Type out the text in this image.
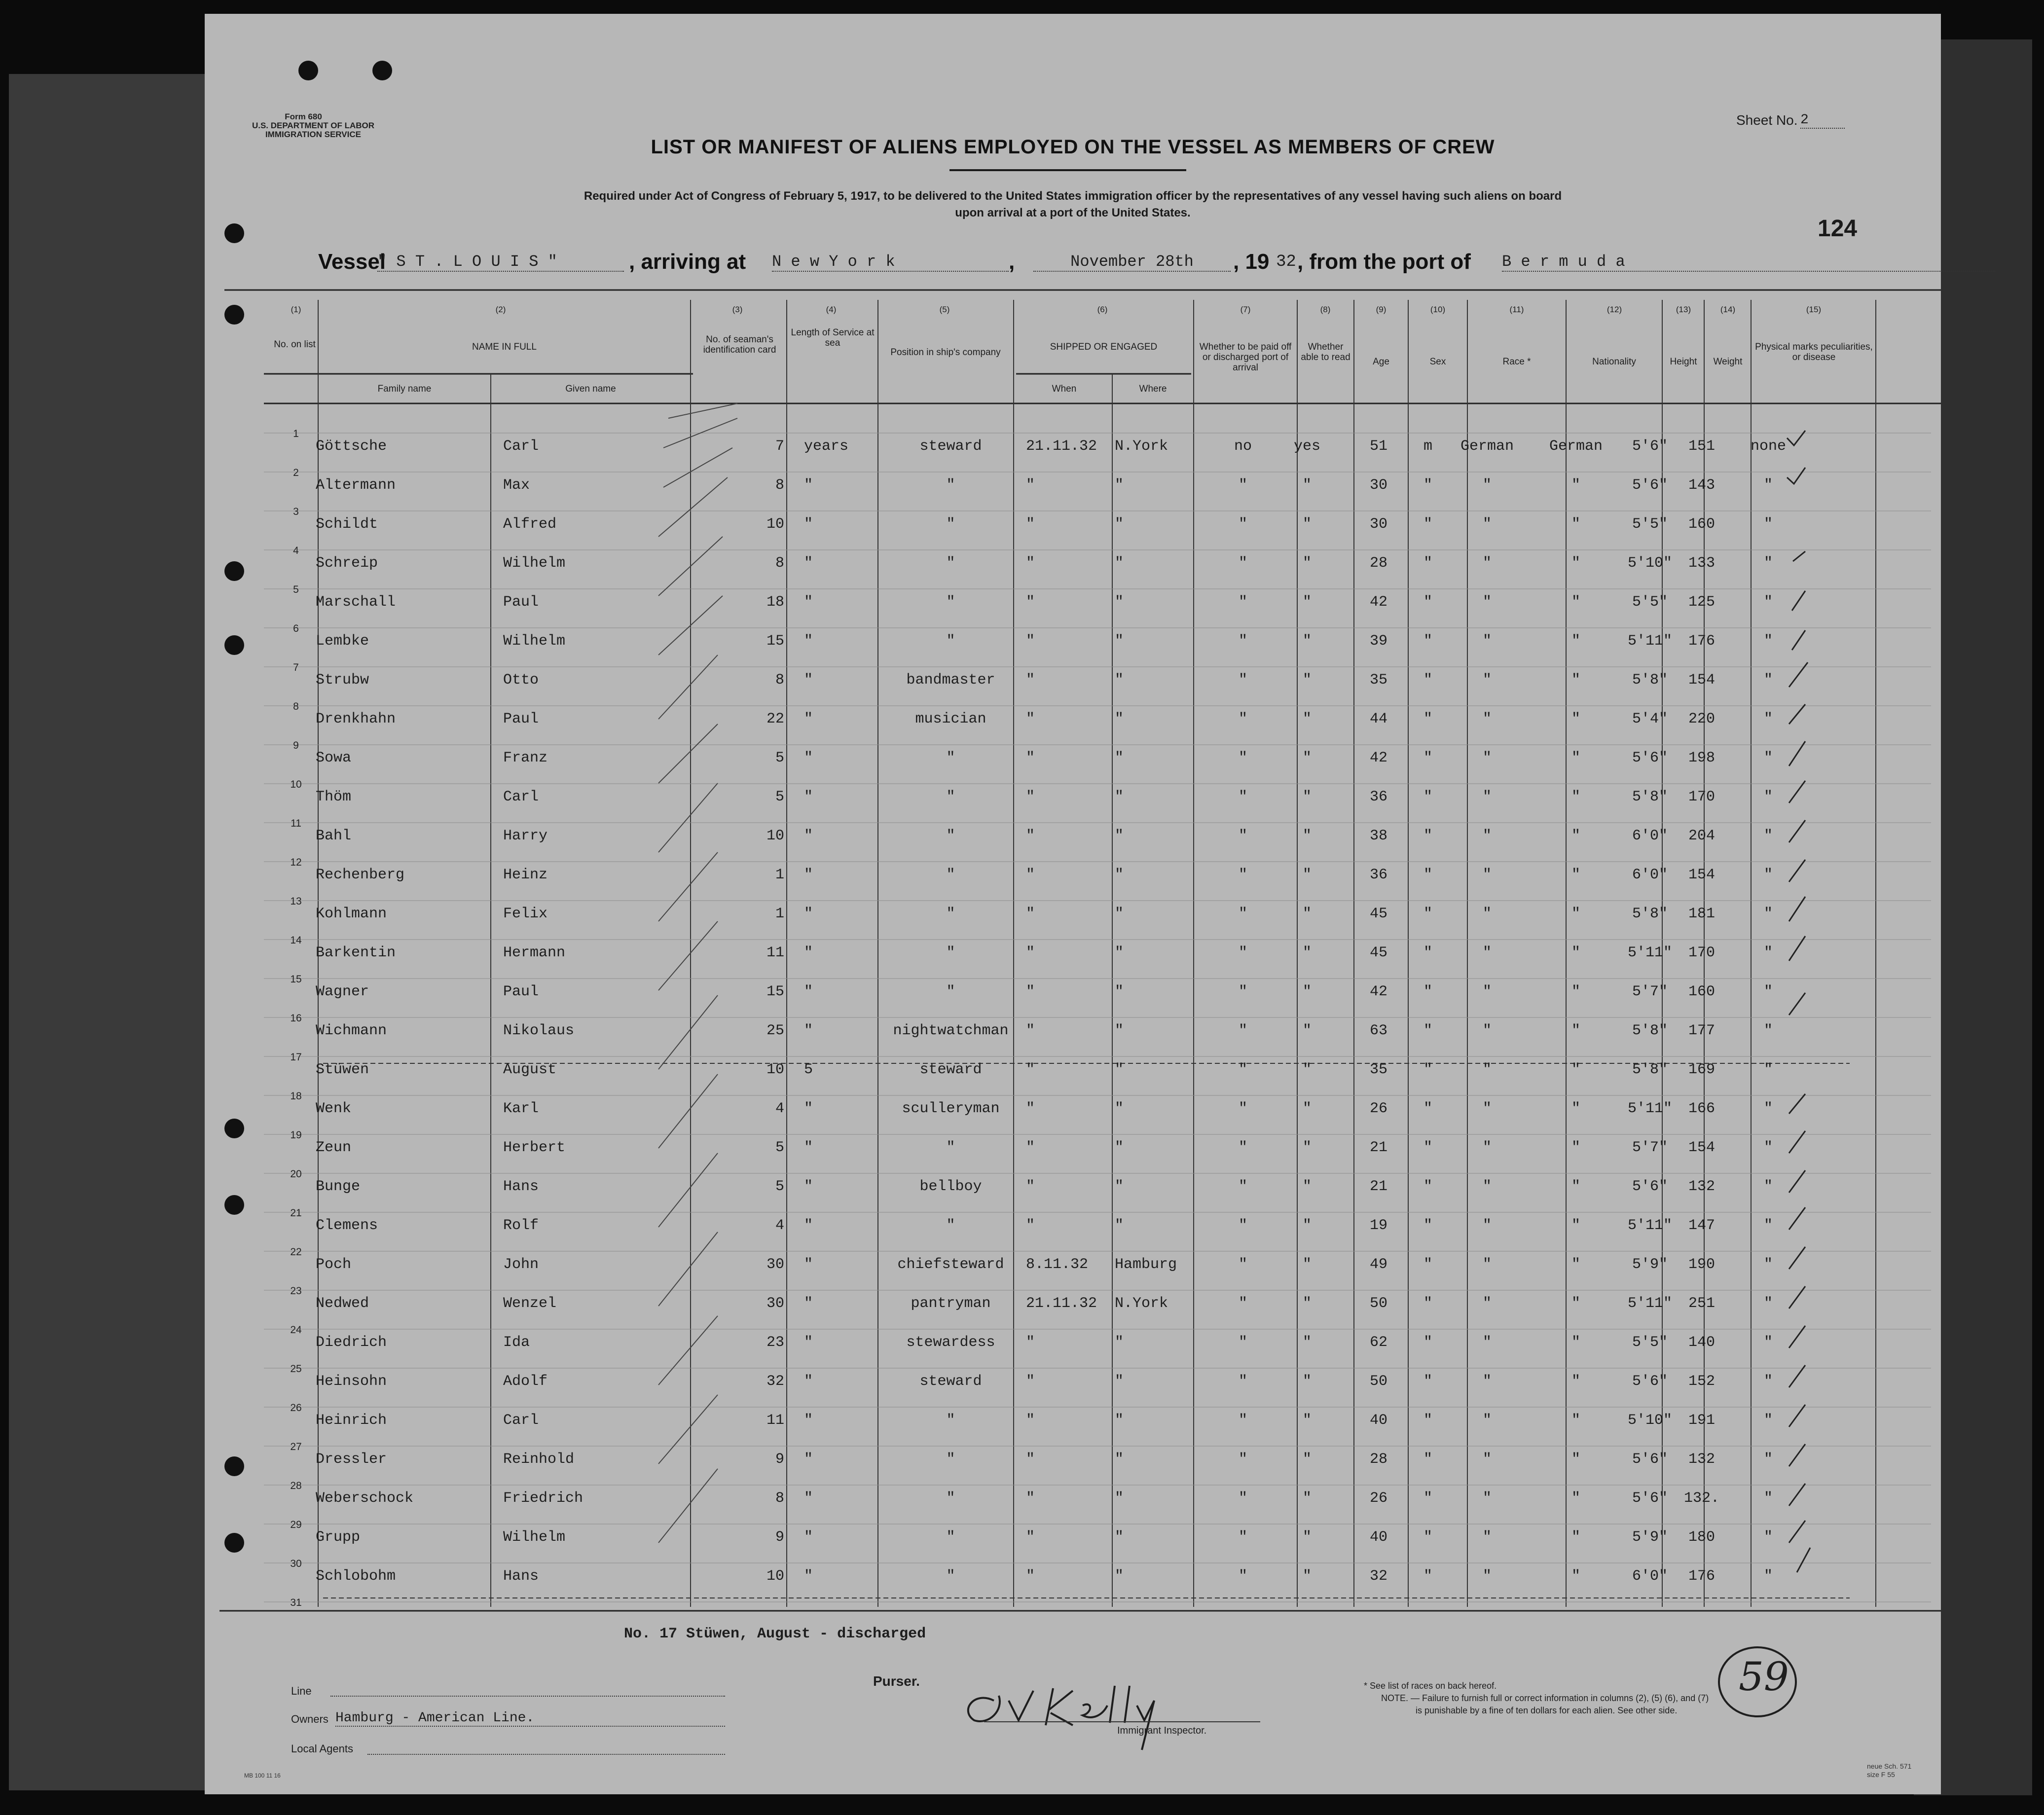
Form 680
U.S. DEPARTMENT OF LABOR
IMMIGRATION SERVICE
Sheet No. 2
LIST OR MANIFEST OF ALIENS EMPLOYED ON THE VESSEL AS MEMBERS OF CREW
Required under Act of Congress of February 5, 1917, to be delivered to the United States immigration officer by the representatives of any vessel having such aliens on board
upon arrival at a port of the United States.
124
Vessel
" S T . L O U I S "	, arriving at N e w Y o r k	,	November 28th	, 19 32 , from the port of B e r m u d a
(1)	(2)	(3)	(4)	(5)	(6)	(7)	(8)	(9)	(10)	(11)	(12)	(13)	(14)	(15)
No. on list	NAME IN FULL
Family name	Given name
No. of seaman's identification card
Length of Service at sea
Position in ship's company
SHIPPED OR ENGAGED
When	Where
Whether to be paid off or discharged port of arrival
Whether able to read	Age	Sex	Race *	Nationality	Height	Weight
Physical marks peculiarities, or disease
1
Göttsche	Carl	7 years	steward	21.11.32 N.York	no	yes	51	m	German	German	5'6"	151	none
2
Altermann	Max	8 "	"	"	"	"	"	30	"	"	"	5'6"	143	"
3
Schildt	Alfred	10 "	"	"	"	"	"	30	"	"	"	5'5"	160	"
4
Schreip	Wilhelm	8 "	"	"	"	"	"	28	"	"	"	5'10"	133	"
5
Marschall	Paul	18 "	"	"	"	"	"	42	"	"	"	5'5"	125	"
6
Lembke	Wilhelm	15 "	"	"	"	"	"	39	"	"	"	5'11"	176	"
7
Strubw	Otto	8 "	bandmaster	"	"	"	"	35	"	"	"	5'8"	154	"
8
Drenkhahn	Paul	22 "	musician	"	"	"	"	44	"	"	"	5'4"	220	"
9
Sowa	Franz	5 "	"	"	"	"	"	42	"	"	"	5'6"	198	"
10
Thöm	Carl	5 "	"	"	"	"	"	36	"	"	"	5'8"	170	"
11
Bahl	Harry	10 "	"	"	"	"	"	38	"	"	"	6'0"	204	"
12
Rechenberg	Heinz	1 "	"	"	"	"	"	36	"	"	"	6'0"	154	"
13
Kohlmann	Felix	1 "	"	"	"	"	"	45	"	"	"	5'8"	181	"
14
Barkentin	Hermann	11 "	"	"	"	"	"	45	"	"	"	5'11"	170	"
15
Wagner	Paul	15 "	"	"	"	"	"	42	"	"	"	5'7"	160	"
16
Wichmann	Nikolaus	25 "	nightwatchman	"	"	"	"	63	"	"	"	5'8"	177	"
17
Stüwen	August	10 5	steward	"	"	"	"	35	"	"	"	5'8"	169	"
18
Wenk	Karl	4 "	sculleryman	"	"	"	"	26	"	"	"	5'11"	166	"
19
Zeun	Herbert	5 "	"	"	"	"	"	21	"	"	"	5'7"	154	"
20
Bunge	Hans	5 "	bellboy	"	"	"	"	21	"	"	"	5'6"	132	"
21
Clemens	Rolf	4 "	"	"	"	"	"	19	"	"	"	5'11"	147	"
22
Poch	John	30 "	chiefsteward	8.11.32 Hamburg	"	"	49	"	"	"	5'9"	190	"
23
Nedwed	Wenzel	30 "	pantryman	21.11.32 N.York	"	"	50	"	"	"	5'11"	251	"
24
Diedrich	Ida	23 "	stewardess	"	"	"	"	62	"	"	"	5'5"	140	"
25
Heinsohn	Adolf	32 "	steward	"	"	"	"	50	"	"	"	5'6"	152	"
26
Heinrich	Carl	11 "	"	"	"	"	"	40	"	"	"	5'10"	191	"
27
Dressler	Reinhold	9 "	"	"	"	"	"	28	"	"	"	5'6"	132	"
28
Weberschock	Friedrich	8 "	"	"	"	"	"	26	"	"	"	5'6"	132.	"
29
Grupp	Wilhelm	9 "	"	"	"	"	"	40	"	"	"	5'9"	180	"
30
Schlobohm	Hans	10 "	"	"	"	"	"	32	"	"	"	6'0"	176	"
31
No. 17 Stüwen, August - discharged
Line
Owners Hamburg - American Line.
Local Agents
Purser.
Immigrant Inspector.
* See list of races on back hereof.
NOTE. — Failure to furnish full or correct information in columns (2), (5) (6), and (7)
is punishable by a fine of ten dollars for each alien. See other side.
59
neue Sch. 571
size F 55
MB 100 11 16
